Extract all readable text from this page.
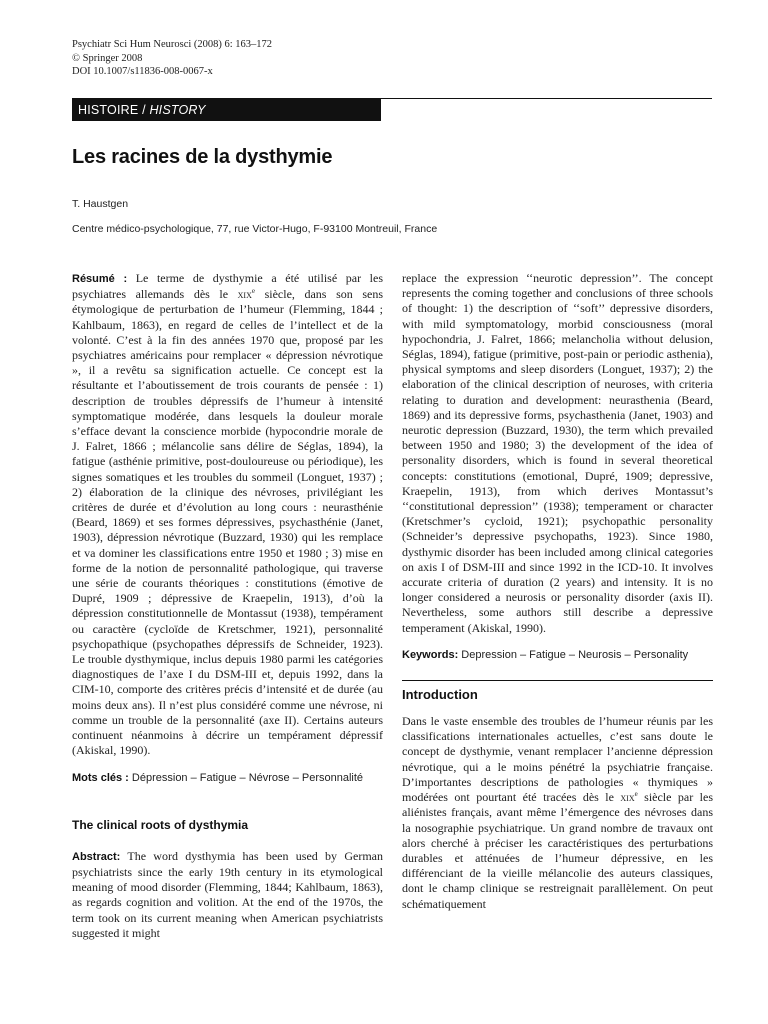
Psychiatr Sci Hum Neurosci (2008) 6: 163–172
© Springer 2008
DOI 10.1007/s11836-008-0067-x
HISTOIRE / HISTORY
Les racines de la dysthymie
T. Haustgen
Centre médico-psychologique, 77, rue Victor-Hugo, F-93100 Montreuil, France

Résumé : Le terme de dysthymie a été utilisé par les psychiatres allemands dès le xix$^e$ siècle, dans son sens étymologique de perturbation de l’humeur (Flemming, 1844 ; Kahlbaum, 1863), en regard de celles de l’intellect et de la volonté. C’est à la fin des années 1970 que, proposé par les psychiatres américains pour remplacer « dépression névrotique », il a revêtu sa signification actuelle. Ce concept est la résultante et l’aboutissement de trois courants de pensée : 1) description de troubles dépressifs de l’humeur à intensité symptomatique modérée, dans lesquels la douleur morale s’efface devant la conscience morbide (hypocondrie morale de J. Falret, 1866 ; mélancolie sans délire de Séglas, 1894), la fatigue (asthénie primitive, post-douloureuse ou périodique), les signes somatiques et les troubles du sommeil (Longuet, 1937) ; 2) élaboration de la clinique des névroses, privilégiant les critères de durée et d’évolution au long cours : neurasthénie (Beard, 1869) et ses formes dépressives, psychasthénie (Janet, 1903), dépression névrotique (Buzzard, 1930) qui les remplace et va dominer les classifications entre 1950 et 1980 ; 3) mise en forme de la notion de personnalité pathologique, qui traverse une série de courants théoriques : constitutions (émotive de Dupré, 1909 ; dépressive de Kraepelin, 1913), d’où la dépression constitutionnelle de Montassut (1938), tempérament ou caractère (cycloïde de Kretschmer, 1921), personnalité psychopathique (psychopathes dépressifs de Schneider, 1923). Le trouble dysthymique, inclus depuis 1980 parmi les catégories diagnostiques de l’axe I du DSM-III et, depuis 1992, dans la CIM-10, comporte des critères précis d’intensité et de durée (au moins deux ans). Il n’est plus considéré comme une névrose, ni comme un trouble de la personnalité (axe II). Certains auteurs continuent néanmoins à décrire un tempérament dépressif (Akiskal, 1990).

Mots clés : Dépression – Fatigue – Névrose – Personnalité

The clinical roots of dysthymia

Abstract: The word dysthymia has been used by German psychiatrists since the early 19th century in its etymological meaning of mood disorder (Flemming, 1844; Kahlbaum, 1863), as regards cognition and volition. At the end of the 1970s, the term took on its current meaning when American psychiatrists suggested it might

replace the expression ‘‘neurotic depression’’. The concept represents the coming together and conclusions of three schools of thought: 1) the description of ‘‘soft’’ depressive disorders, with mild symptomatology, morbid consciousness (moral hypochondria, J. Falret, 1866; melancholia without delusion, Séglas, 1894), fatigue (primitive, post-pain or periodic asthenia), physical symptoms and sleep disorders (Longuet, 1937); 2) the elaboration of the clinical description of neuroses, with criteria relating to duration and development: neurasthenia (Beard, 1869) and its depressive forms, psychasthenia (Janet, 1903) and neurotic depression (Buzzard, 1930), the term which prevailed between 1950 and 1980; 3) the development of the idea of personality disorders, which is found in several theoretical concepts: constitutions (emotional, Dupré, 1909; depressive, Kraepelin, 1913), from which derives Montassut’s ‘‘constitutional depression’’ (1938); temperament or character (Kretschmer’s cycloid, 1921); psychopathic personality (Schneider’s depressive psychopaths, 1923). Since 1980, dysthymic disorder has been included among clinical categories on axis I of DSM-III and since 1992 in the ICD-10. It involves accurate criteria of duration (2 years) and intensity. It is no longer considered a neurosis or personality disorder (axis II). Nevertheless, some authors still describe a depressive temperament (Akiskal, 1990).

Keywords: Depression – Fatigue – Neurosis – Personality

Introduction

Dans le vaste ensemble des troubles de l’humeur réunis par les classifications internationales actuelles, c’est sans doute le concept de dysthymie, venant remplacer l’ancienne dépression névrotique, qui a le moins pénétré la psychiatrie française. D’importantes descriptions de pathologies « thymiques » modérées ont pourtant été tracées dès le xix$^e$ siècle par les aliénistes français, avant même l’émergence des névroses dans la nosographie psychiatrique. Un grand nombre de travaux ont alors cherché à préciser les caractéristiques des perturbations durables et atténuées de l’humeur dépressive, en les différenciant de la vieille mélancolie des auteurs classiques, dont le champ clinique se restreignait parallèlement. On peut schématiquement
